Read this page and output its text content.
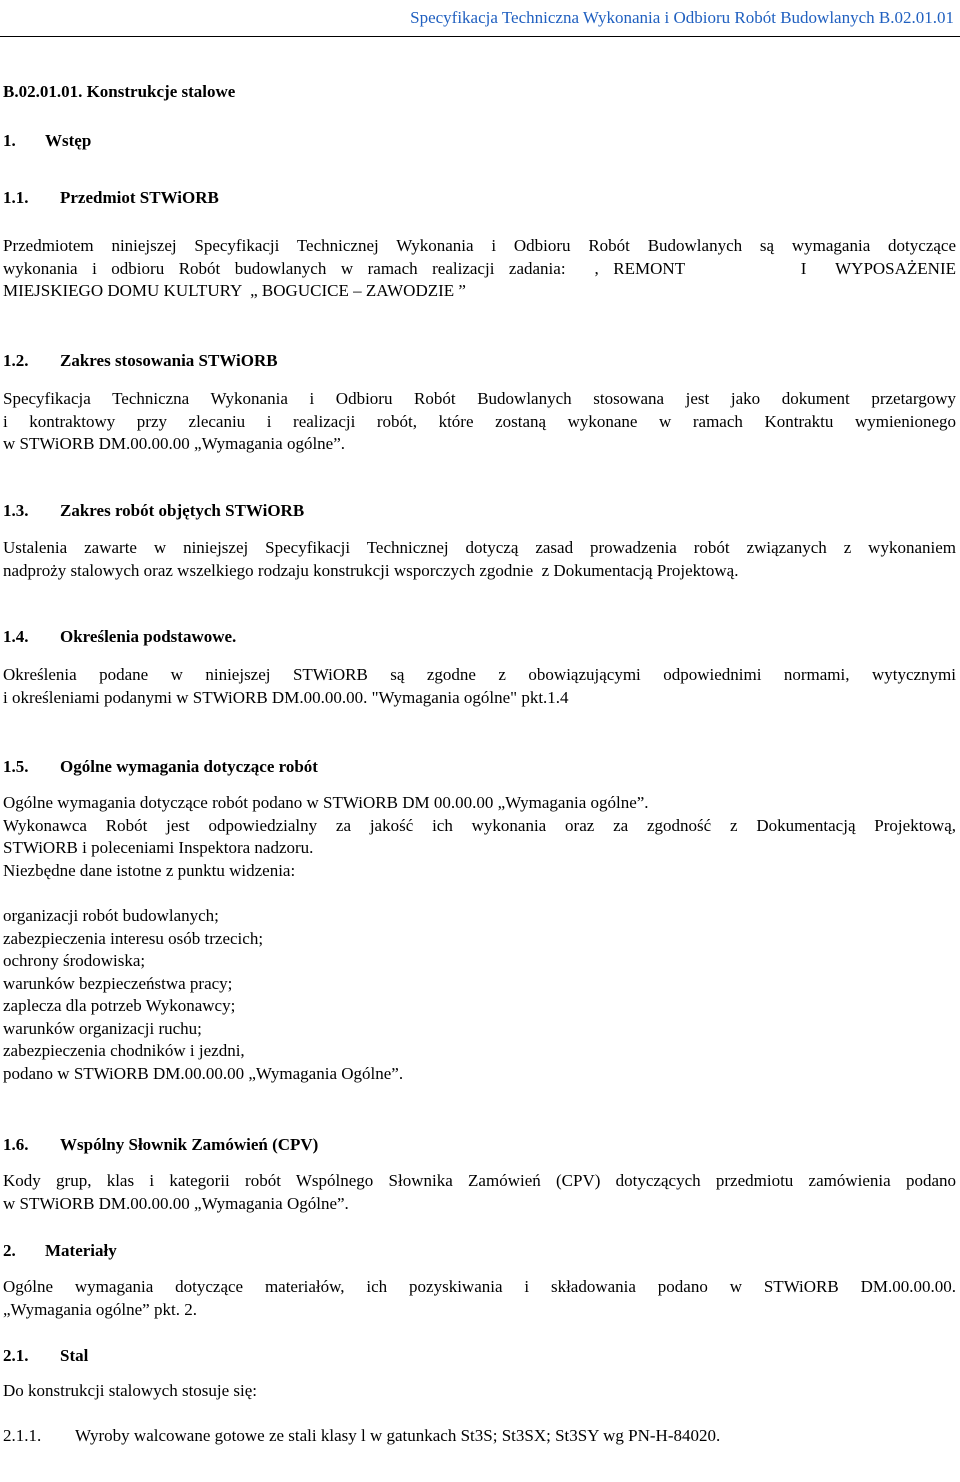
Specyfikacja Techniczna Wykonania i Odbioru Robót Budowlanych B.02.01.01
B.02.01.01. Konstrukcje stalowe
1. Wstęp
1.1. Przedmiot STWiORB
Przedmiotem niniejszej Specyfikacji Technicznej Wykonania i Odbioru Robót Budowlanych są wymagania dotyczące
wykonania i odbioru Robót budowlanych w ramach realizacji zadania:  , REMONT        I  WYPOSAŻENIE
MIEJSKIEGO DOMU KULTURY  „ BOGUCICE – ZAWODZIE ”
1.2. Zakres stosowania STWiORB
Specyfikacja Techniczna Wykonania i Odbioru Robót Budowlanych stosowana jest jako dokument przetargowy
i kontraktowy przy zlecaniu i realizacji robót, które zostaną wykonane w ramach Kontraktu wymienionego
w STWiORB DM.00.00.00 „Wymagania ogólne”.
1.3. Zakres robót objętych STWiORB
Ustalenia zawarte w niniejszej Specyfikacji Technicznej dotyczą zasad prowadzenia robót związanych z wykonaniem
nadproży stalowych oraz wszelkiego rodzaju konstrukcji wsporczych zgodnie  z Dokumentacją Projektową.
1.4. Określenia podstawowe.
Określenia podane w niniejszej STWiORB są zgodne z obowiązującymi odpowiednimi normami, wytycznymi
i określeniami podanymi w STWiORB DM.00.00.00. "Wymagania ogólne" pkt.1.4
1.5. Ogólne wymagania dotyczące robót
Ogólne wymagania dotyczące robót podano w STWiORB DM 00.00.00 „Wymagania ogólne”.
Wykonawca Robót jest odpowiedzialny za jakość ich wykonania oraz za zgodność z Dokumentacją Projektową,
STWiORB i poleceniami Inspektora nadzoru.
Niezbędne dane istotne z punktu widzenia:
organizacji robót budowlanych;
zabezpieczenia interesu osób trzecich;
ochrony środowiska;
warunków bezpieczeństwa pracy;
zaplecza dla potrzeb Wykonawcy;
warunków organizacji ruchu;
zabezpieczenia chodników i jezdni,
podano w STWiORB DM.00.00.00 „Wymagania Ogólne”.
1.6. Wspólny Słownik Zamówień (CPV)
Kody grup, klas i kategorii robót Wspólnego Słownika Zamówień (CPV) dotyczących przedmiotu zamówienia podano
w STWiORB DM.00.00.00 „Wymagania Ogólne”.
2. Materiały
Ogólne wymagania dotyczące materiałów, ich pozyskiwania i składowania podano w STWiORB DM.00.00.00.
„Wymagania ogólne” pkt. 2.
2.1. Stal
Do konstrukcji stalowych stosuje się:
2.1.1. Wyroby walcowane gotowe ze stali klasy l w gatunkach St3S; St3SX; St3SY wg PN-H-84020.
